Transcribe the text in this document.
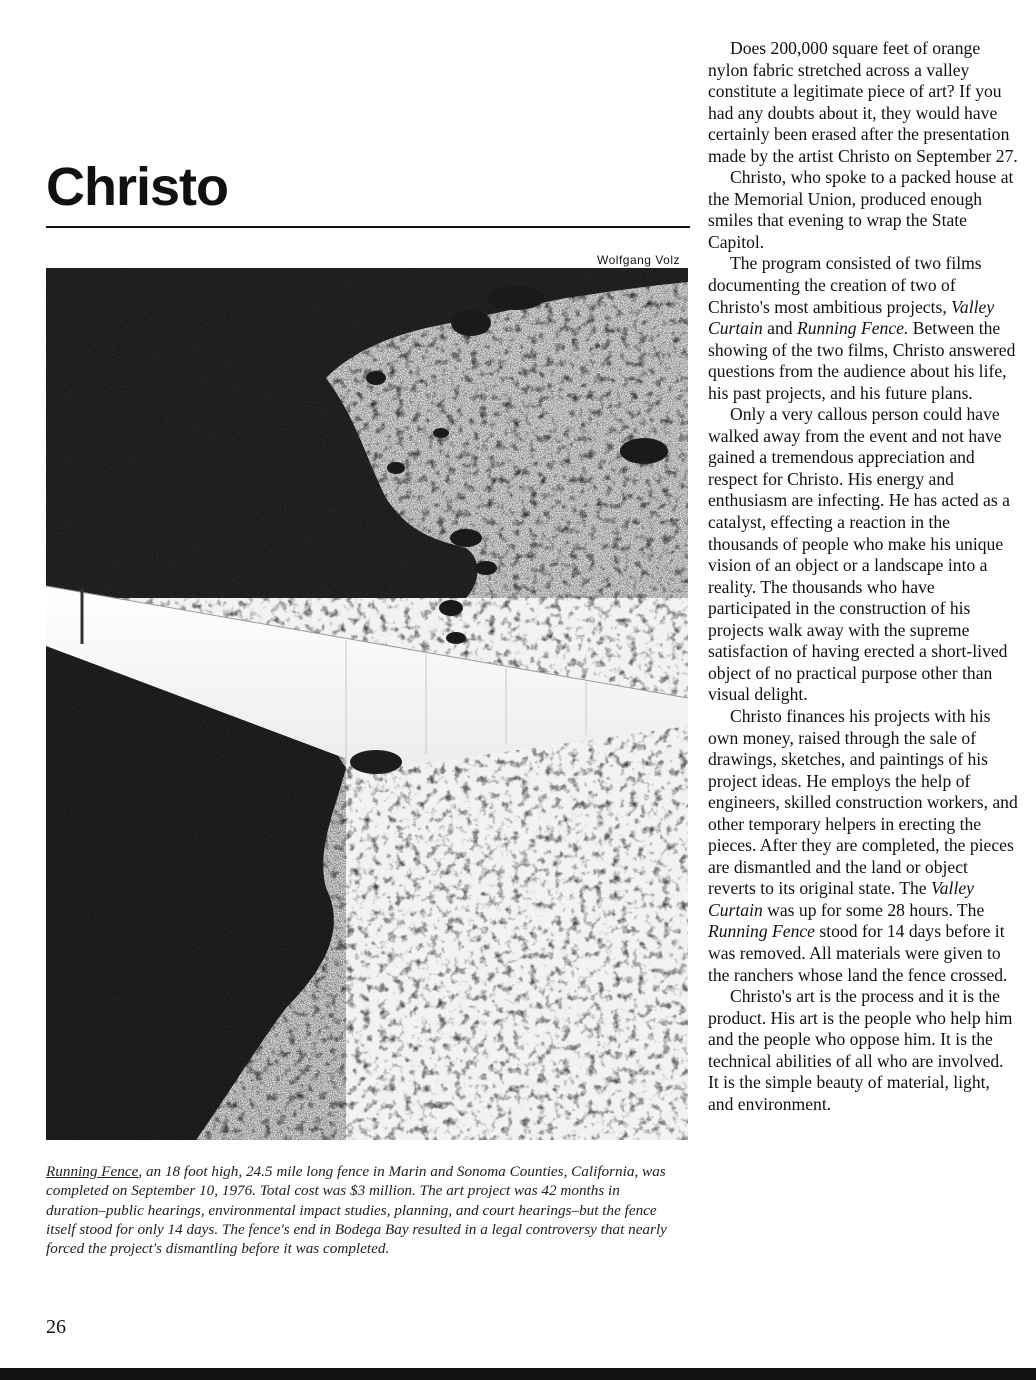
Christo
Wolfgang Volz
Running Fence, an 18 foot high, 24.5 mile long fence in Marin and Sonoma Counties, California, was completed on September 10, 1976. Total cost was $3 million. The art project was 42 months in duration–public hearings, environmental impact studies, planning, and court hearings–but the fence itself stood for only 14 days. The fence's end in Bodega Bay resulted in a legal controversy that nearly forced the project's dismantling before it was completed.
26

Does 200,000 square feet of orange nylon fabric stretched across a valley constitute a legitimate piece of art? If you had any doubts about it, they would have certainly been erased after the presentation made by the artist Christo on September 27.

Christo, who spoke to a packed house at the Memorial Union, produced enough smiles that evening to wrap the State Capitol.

The program consisted of two films documenting the creation of two of Christo's most ambitious projects, Valley Curtain and Running Fence. Between the showing of the two films, Christo answered questions from the audience about his life, his past projects, and his future plans.

Only a very callous person could have walked away from the event and not have gained a tremendous appreciation and respect for Christo. His energy and enthusiasm are infecting. He has acted as a catalyst, effecting a reaction in the thousands of people who make his unique vision of an object or a landscape into a reality. The thousands who have participated in the construction of his projects walk away with the supreme satisfaction of having erected a short-lived object of no practical purpose other than visual delight.

Christo finances his projects with his own money, raised through the sale of drawings, sketches, and paintings of his project ideas. He employs the help of engineers, skilled construction workers, and other temporary helpers in erecting the pieces. After they are completed, the pieces are dismantled and the land or object reverts to its original state. The Valley Curtain was up for some 28 hours. The Running Fence stood for 14 days before it was removed. All materials were given to the ranchers whose land the fence crossed.

Christo's art is the process and it is the product. His art is the people who help him and the people who oppose him. It is the technical abilities of all who are involved. It is the simple beauty of material, light, and environment.
